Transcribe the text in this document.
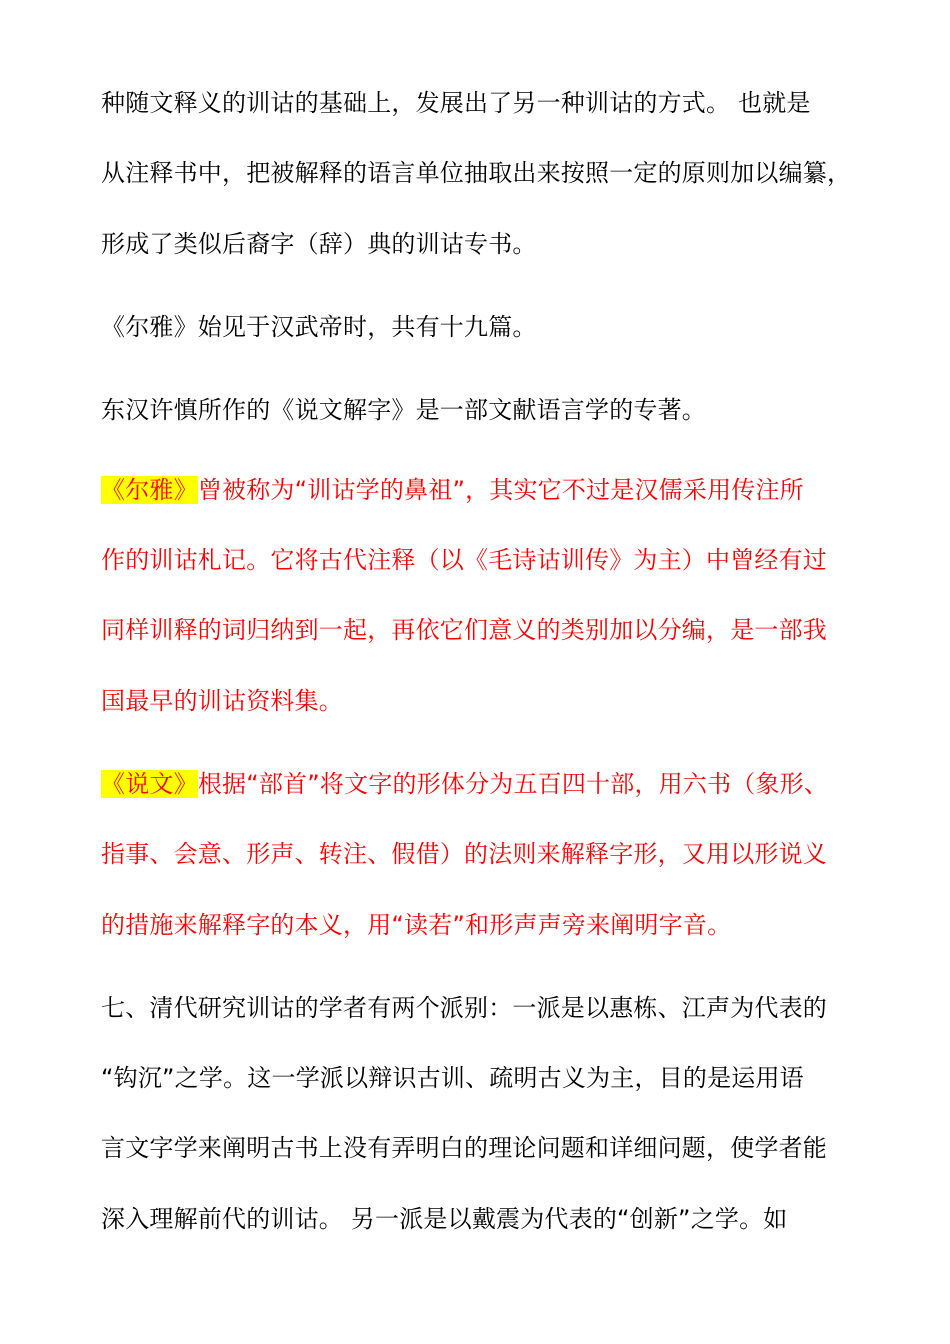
种随文释义的训诂的基础上，发展出了另一种训诂的方式。 也就是
从注释书中，把被解释的语言单位抽取出来按照一定的原则加以编纂，
形成了类似后裔字（辞）典的训诂专书。
《尔雅》始见于汉武帝时，共有十九篇。
东汉许慎所作的《说文解字》是一部文献语言学的专著。
《尔雅》曾被称为“训诂学的鼻祖”，其实它不过是汉儒采用传注所
作的训诂札记。它将古代注释（以《毛诗诂训传》为主）中曾经有过
同样训释的词归纳到一起，再依它们意义的类别加以分编，是一部我
国最早的训诂资料集。
《说文》根据“部首”将文字的形体分为五百四十部，用六书（象形、
指事、会意、形声、转注、假借）的法则来解释字形，又用以形说义
的措施来解释字的本义，用“读若”和形声声旁来阐明字音。
七、清代研究训诂的学者有两个派别：一派是以惠栋、江声为代表的
“钩沉”之学。这一学派以辩识古训、疏明古义为主，目的是运用语
言文字学来阐明古书上没有弄明白的理论问题和详细问题，使学者能
深入理解前代的训诂。 另一派是以戴震为代表的“创新”之学。如
